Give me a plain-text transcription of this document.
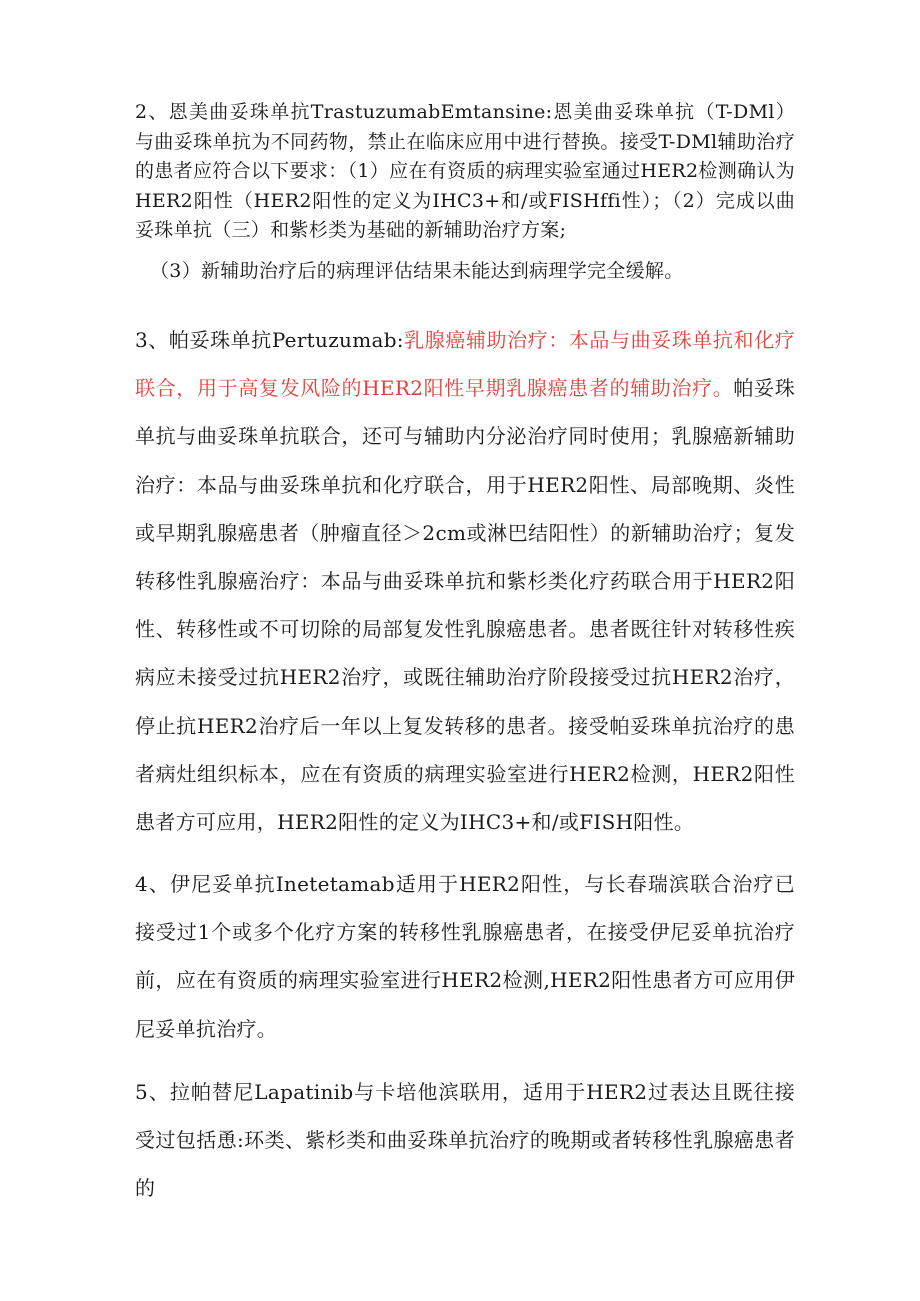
2、恩美曲妥珠单抗TrastuzumabEmtansine:恩美曲妥珠单抗（T-DMl）与曲妥珠单抗为不同药物，禁止在临床应用中进行替换。接受T-DMl辅助治疗的患者应符合以下要求：（1）应在有资质的病理实验室通过HER2检测确认为HER2阳性（HER2阳性的定义为IHC3+和/或FISHffi性）；（2）完成以曲妥珠单抗（三）和紫杉类为基础的新辅助治疗方案;

（3）新辅助治疗后的病理评估结果未能达到病理学完全缓解。

3、帕妥珠单抗Pertuzumab:乳腺癌辅助治疗：本品与曲妥珠单抗和化疗联合，用于高复发风险的HER2阳性早期乳腺癌患者的辅助治疗。帕妥珠单抗与曲妥珠单抗联合，还可与辅助内分泌治疗同时使用；乳腺癌新辅助治疗：本品与曲妥珠单抗和化疗联合，用于HER2阳性、局部晚期、炎性或早期乳腺癌患者（肿瘤直径＞2cm或淋巴结阳性）的新辅助治疗；复发转移性乳腺癌治疗：本品与曲妥珠单抗和紫杉类化疗药联合用于HER2阳性、转移性或不可切除的局部复发性乳腺癌患者。患者既往针对转移性疾病应未接受过抗HER2治疗，或既往辅助治疗阶段接受过抗HER2治疗，停止抗HER2治疗后一年以上复发转移的患者。接受帕妥珠单抗治疗的患者病灶组织标本，应在有资质的病理实验室进行HER2检测，HER2阳性患者方可应用，HER2阳性的定义为IHC3+和/或FISH阳性。

4、伊尼妥单抗Inetetamab适用于HER2阳性，与长春瑞滨联合治疗已接受过1个或多个化疗方案的转移性乳腺癌患者，在接受伊尼妥单抗治疗前，应在有资质的病理实验室进行HER2检测,HER2阳性患者方可应用伊尼妥单抗治疗。

5、拉帕替尼Lapatinib与卡培他滨联用，适用于HER2过表达且既往接受过包括恿:环类、紫杉类和曲妥珠单抗治疗的晚期或者转移性乳腺癌患者的
